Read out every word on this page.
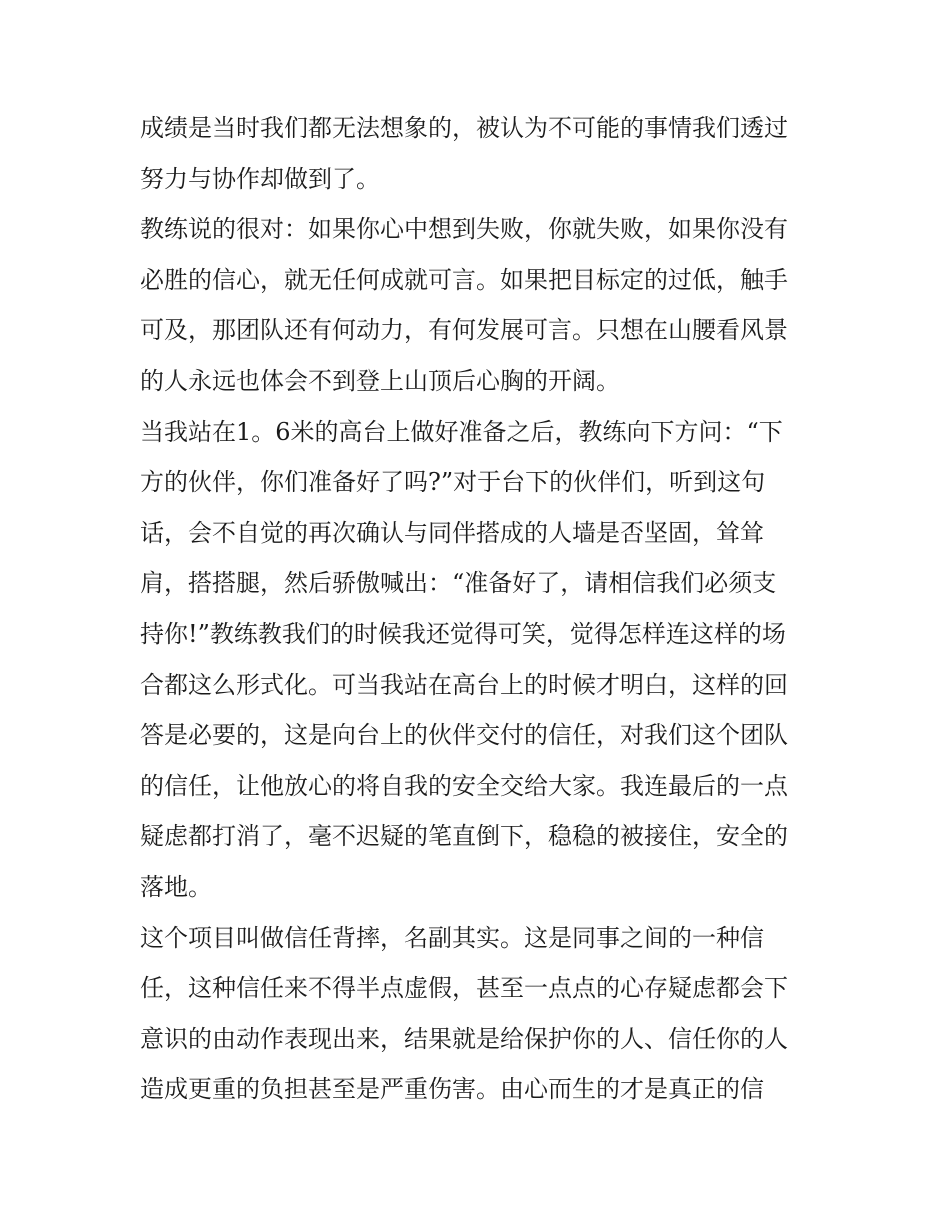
成绩是当时我们都无法想象的，被认为不可能的事情我们透过
努力与协作却做到了。
教练说的很对：如果你心中想到失败，你就失败，如果你没有
必胜的信心，就无任何成就可言。如果把目标定的过低，触手
可及，那团队还有何动力，有何发展可言。只想在山腰看风景
的人永远也体会不到登上山顶后心胸的开阔。
当我站在1。6米的高台上做好准备之后，教练向下方问：“下
方的伙伴，你们准备好了吗?”对于台下的伙伴们，听到这句
话，会不自觉的再次确认与同伴搭成的人墙是否坚固，耸耸
肩，搭搭腿，然后骄傲喊出：“准备好了，请相信我们必须支
持你!”教练教我们的时候我还觉得可笑，觉得怎样连这样的场
合都这么形式化。可当我站在高台上的时候才明白，这样的回
答是必要的，这是向台上的伙伴交付的信任，对我们这个团队
的信任，让他放心的将自我的安全交给大家。我连最后的一点
疑虑都打消了，毫不迟疑的笔直倒下，稳稳的被接住，安全的
落地。
这个项目叫做信任背摔，名副其实。这是同事之间的一种信
任，这种信任来不得半点虚假，甚至一点点的心存疑虑都会下
意识的由动作表现出来，结果就是给保护你的人、信任你的人
造成更重的负担甚至是严重伤害。由心而生的才是真正的信
